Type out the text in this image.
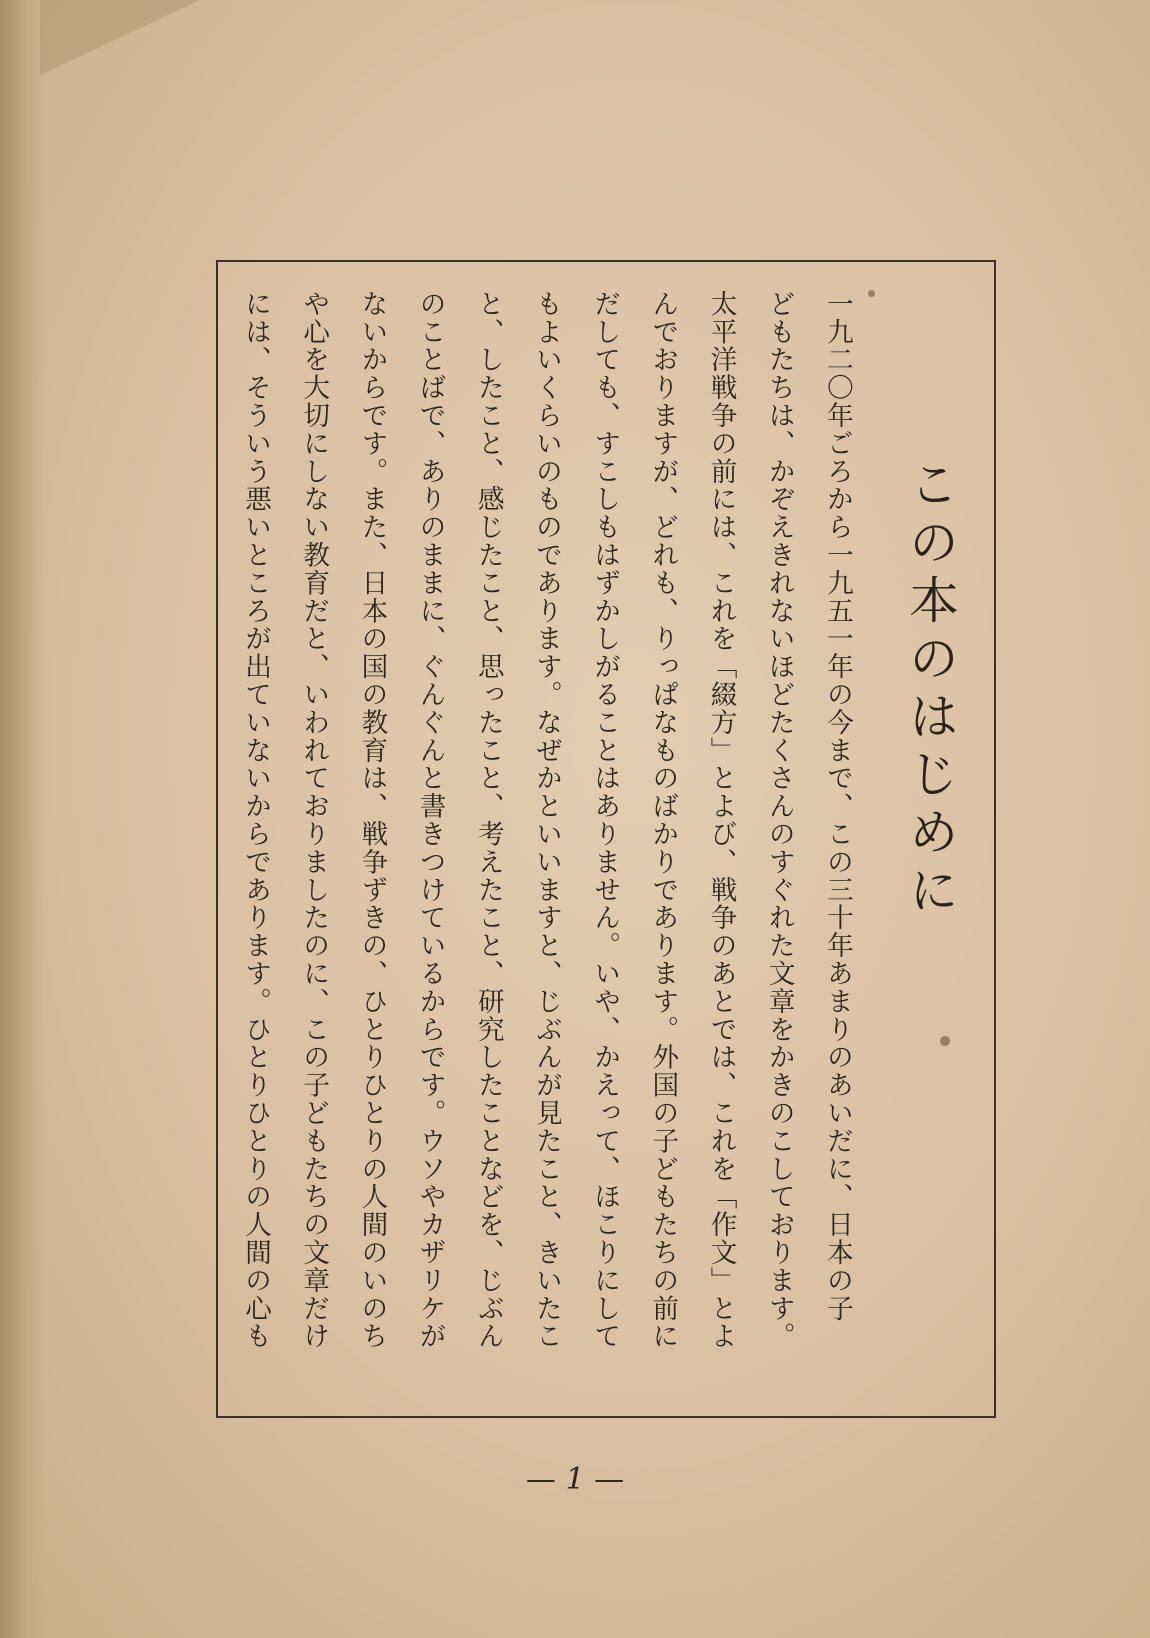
この本のはじめに
一九二〇年ごろから一九五一年の今まで、この三十年あまりのあいだに、日本の子
どもたちは、かぞえきれないほどたくさんのすぐれた文章をかきのこしております。
太平洋戦争の前には、これを「綴方」とよび、戦争のあとでは、これを「作文」とよ
んでおりますが、どれも、りっぱなものばかりであります。外国の子どもたちの前に
だしても、すこしもはずかしがることはありません。いや、かえって、ほこりにして
もよいくらいのものであります。なぜかといいますと、じぶんが見たこと、きいたこ
と、したこと、感じたこと、思ったこと、考えたこと、研究したことなどを、じぶん
のことばで、ありのままに、ぐんぐんと書きつけているからです。ウソやカザリケが
ないからです。また、日本の国の教育は、戦争ずきの、ひとりひとりの人間のいのち
や心を大切にしない教育だと、いわれておりましたのに、この子どもたちの文章だけ
には、そういう悪いところが出ていないからであります。ひとりひとりの人間の心も
— 1 —
